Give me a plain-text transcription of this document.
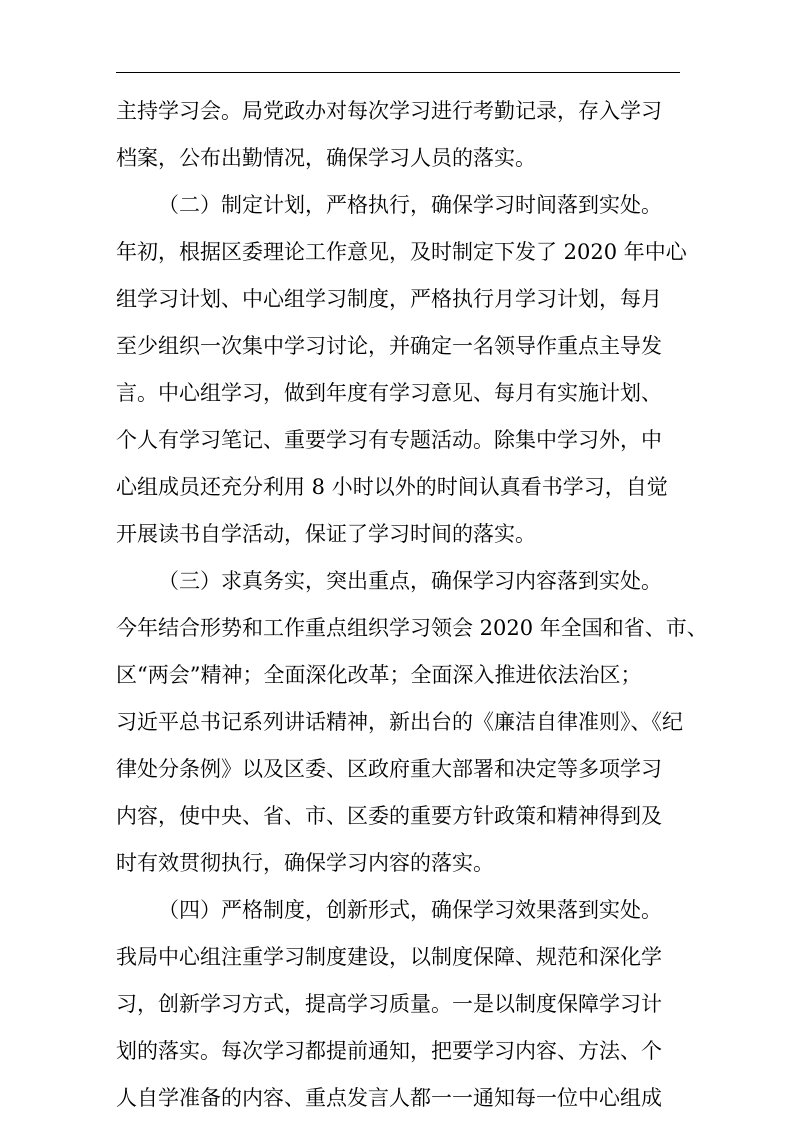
主持学习会。局党政办对每次学习进行考勤记录，存入学习
档案，公布出勤情况，确保学习人员的落实。
（二）制定计划，严格执行，确保学习时间落到实处。
年初，根据区委理论工作意见，及时制定下发了 2020 年中心
组学习计划、中心组学习制度，严格执行月学习计划，每月
至少组织一次集中学习讨论，并确定一名领导作重点主导发
言。中心组学习，做到年度有学习意见、每月有实施计划、
个人有学习笔记、重要学习有专题活动。除集中学习外，中
心组成员还充分利用 8 小时以外的时间认真看书学习，自觉
开展读书自学活动，保证了学习时间的落实。
（三）求真务实，突出重点，确保学习内容落到实处。
今年结合形势和工作重点组织学习领会 2020 年全国和省、市、
区“两会”精神；全面深化改革；全面深入推进依法治区；
习近平总书记系列讲话精神，新出台的《廉洁自律准则》、《纪
律处分条例》以及区委、区政府重大部署和决定等多项学习
内容，使中央、省、市、区委的重要方针政策和精神得到及
时有效贯彻执行，确保学习内容的落实。
（四）严格制度，创新形式，确保学习效果落到实处。
我局中心组注重学习制度建设，以制度保障、规范和深化学
习，创新学习方式，提高学习质量。一是以制度保障学习计
划的落实。每次学习都提前通知，把要学习内容、方法、个
人自学准备的内容、重点发言人都一一通知每一位中心组成
